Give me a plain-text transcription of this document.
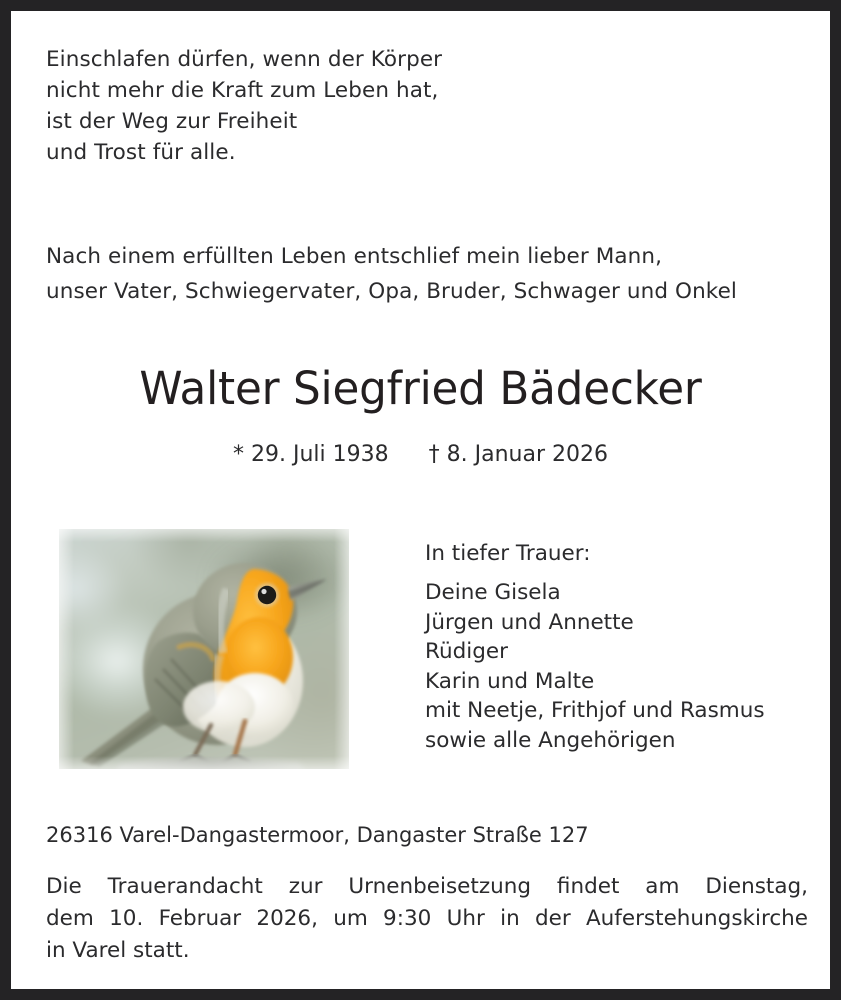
Einschlafen dürfen, wenn der Körper
nicht mehr die Kraft zum Leben hat,
ist der Weg zur Freiheit
und Trost für alle.
Nach einem erfüllten Leben entschlief mein lieber Mann,
unser Vater, Schwiegervater, Opa, Bruder, Schwager und Onkel
Walter Siegfried Bädecker
* 29. Juli 1938 † 8. Januar 2026
In tiefer Trauer:
Deine Gisela
Jürgen und Annette
Rüdiger
Karin und Malte
mit Neetje, Frithjof und Rasmus
sowie alle Angehörigen
26316 Varel-Dangastermoor, Dangaster Straße 127
Die Trauerandacht zur Urnenbeisetzung findet am Dienstag,
dem 10. Februar 2026, um 9:30 Uhr in der Auferstehungskirche
in Varel statt.
